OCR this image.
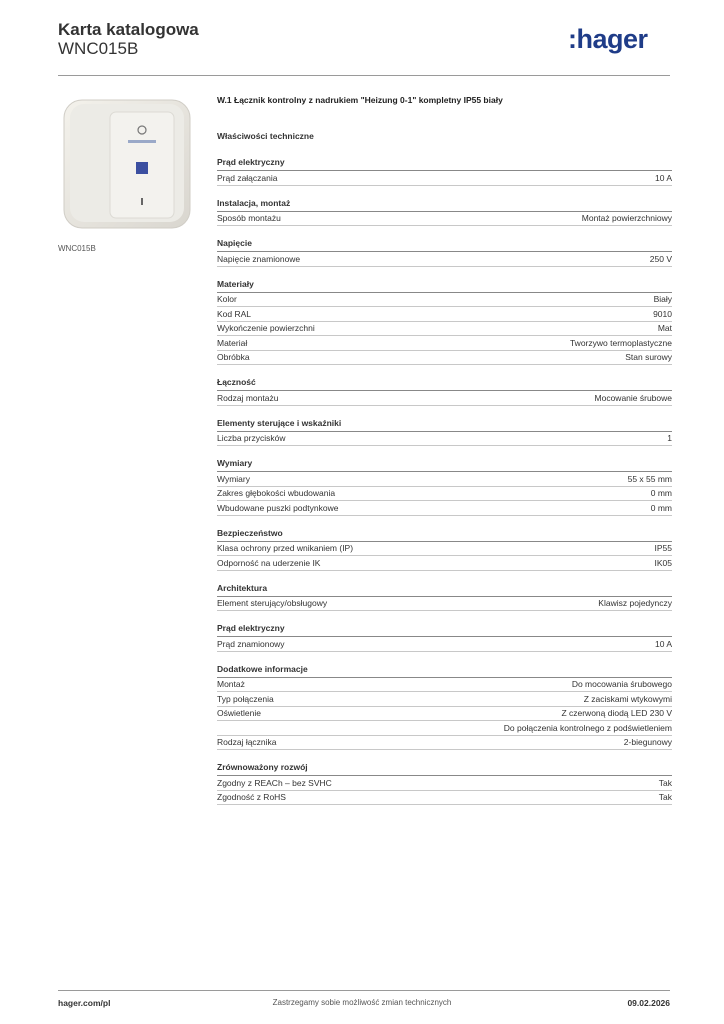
Karta katalogowa
WNC015B	:hager
WNC015B
W.1 Łącznik kontrolny z nadrukiem "Heizung 0-1" kompletny IP55 biały
Właściwości techniczne
Prąd elektryczny
Prąd załączania	10 A
Instalacja, montaż
Sposób montażu	Montaż powierzchniowy
Napięcie
Napięcie znamionowe	250 V
Materiały
Kolor	Biały
Kod RAL	9010
Wykończenie powierzchni	Mat
Materiał	Tworzywo termoplastyczne
Obróbka	Stan surowy
Łączność
Rodzaj montażu	Mocowanie śrubowe
Elementy sterujące i wskaźniki
Liczba przycisków	1
Wymiary
Wymiary	55 x 55 mm
Zakres głębokości wbudowania	0 mm
Wbudowane puszki podtynkowe	0 mm
Bezpieczeństwo
Klasa ochrony przed wnikaniem (IP)	IP55
Odporność na uderzenie IK	IK05
Architektura
Element sterujący/obsługowy	Klawisz pojedynczy
Prąd elektryczny
Prąd znamionowy	10 A
Dodatkowe informacje
Montaż	Do mocowania śrubowego
Typ połączenia	Z zaciskami wtykowymi
Oświetlenie	Z czerwoną diodą LED 230 V
Do połączenia kontrolnego z podświetleniem
Rodzaj łącznika	2-biegunowy
Zrównoważony rozwój
Zgodny z REACh – bez SVHC	Tak
Zgodność z RoHS	Tak
hager.com/pl	Zastrzegamy sobie możliwość zmian technicznych	09.02.2026
